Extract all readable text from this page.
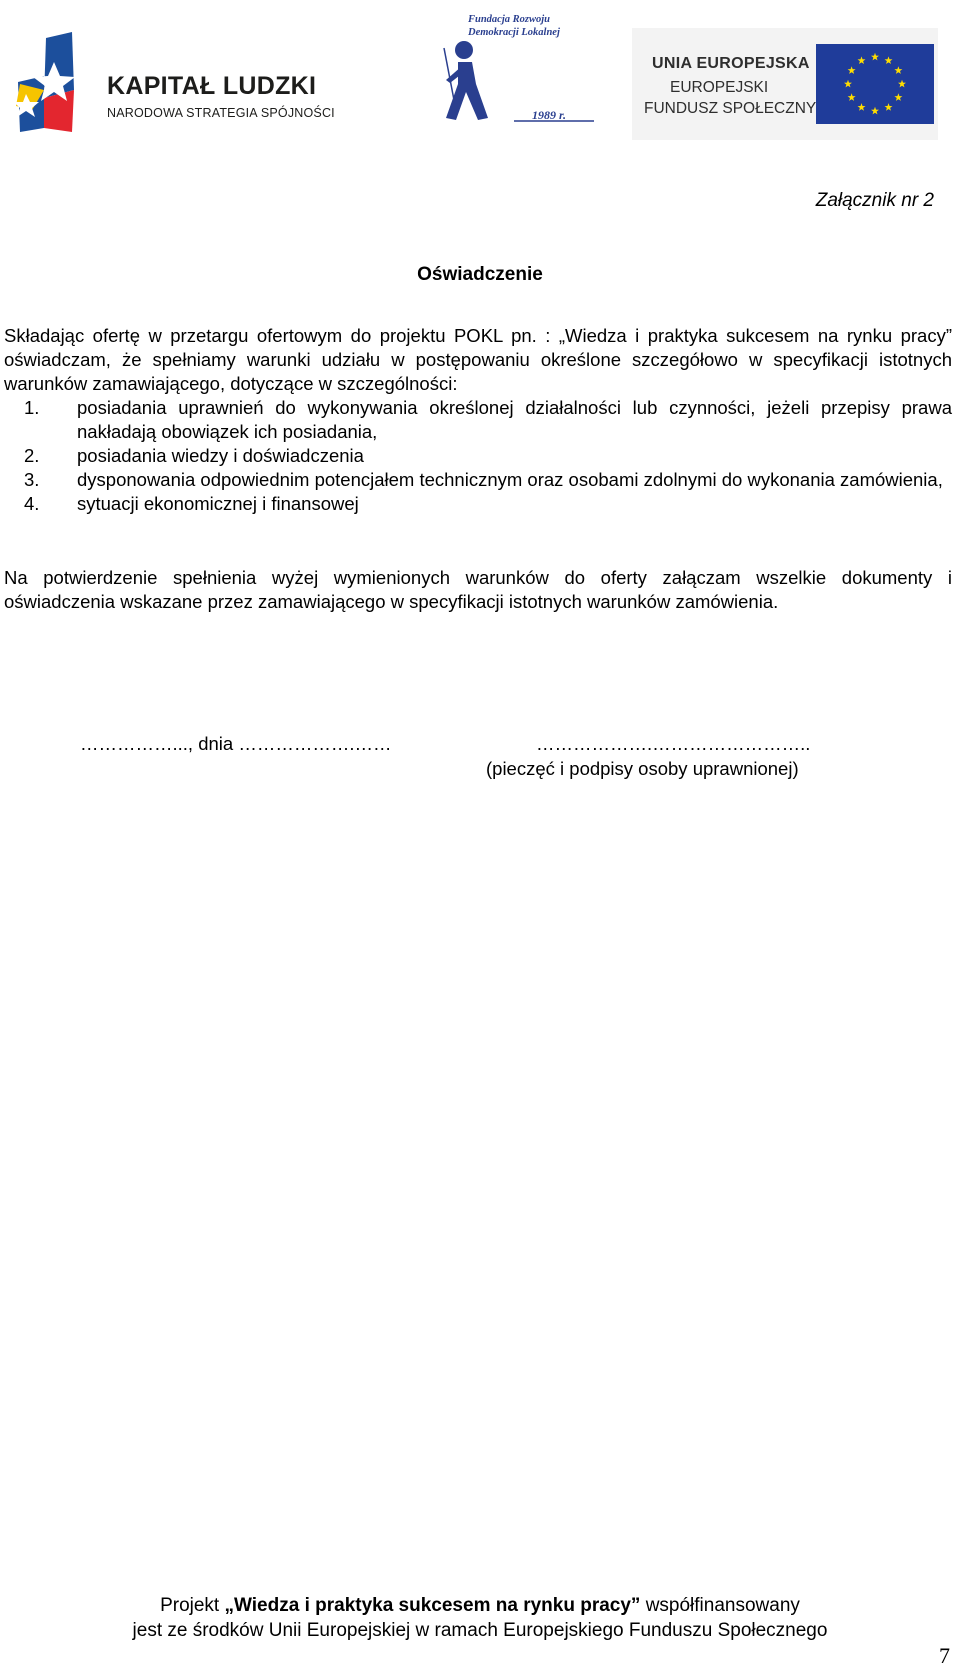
KAPITAŁ LUDZKI
NARODOWA STRATEGIA SPÓJNOŚCI
Fundacja Rozwoju
Demokracji Lokalnej
1989 r.
UNIA EUROPEJSKA
EUROPEJSKI
FUNDUSZ SPOŁECZNY
Załącznik nr 2
Oświadczenie
Składając ofertę w przetargu ofertowym do projektu POKL pn. : „Wiedza i praktyka sukcesem na rynku pracy” oświadczam, że spełniamy warunki udziału w postępowaniu określone szczegółowo w specyfikacji istotnych warunków zamawiającego, dotyczące w szczególności:
1. posiadania uprawnień do wykonywania określonej działalności lub czynności, jeżeli przepisy prawa nakładają obowiązek ich posiadania,
2. posiadania wiedzy i doświadczenia
3. dysponowania odpowiednim potencjałem technicznym oraz osobami zdolnymi do wykonania zamówienia,
4. sytuacji ekonomicznej i finansowej
Na potwierdzenie spełnienia wyżej wymienionych warunków do oferty załączam wszelkie dokumenty i oświadczenia wskazane przez zamawiającego w specyfikacji istotnych warunków zamówienia.
……………..., dnia ……………….……	……………….……………………..
(pieczęć i podpisy osoby uprawnionej)
Projekt „Wiedza i praktyka sukcesem na rynku pracy” współfinansowany
jest ze środków Unii Europejskiej w ramach Europejskiego Funduszu Społecznego
7
